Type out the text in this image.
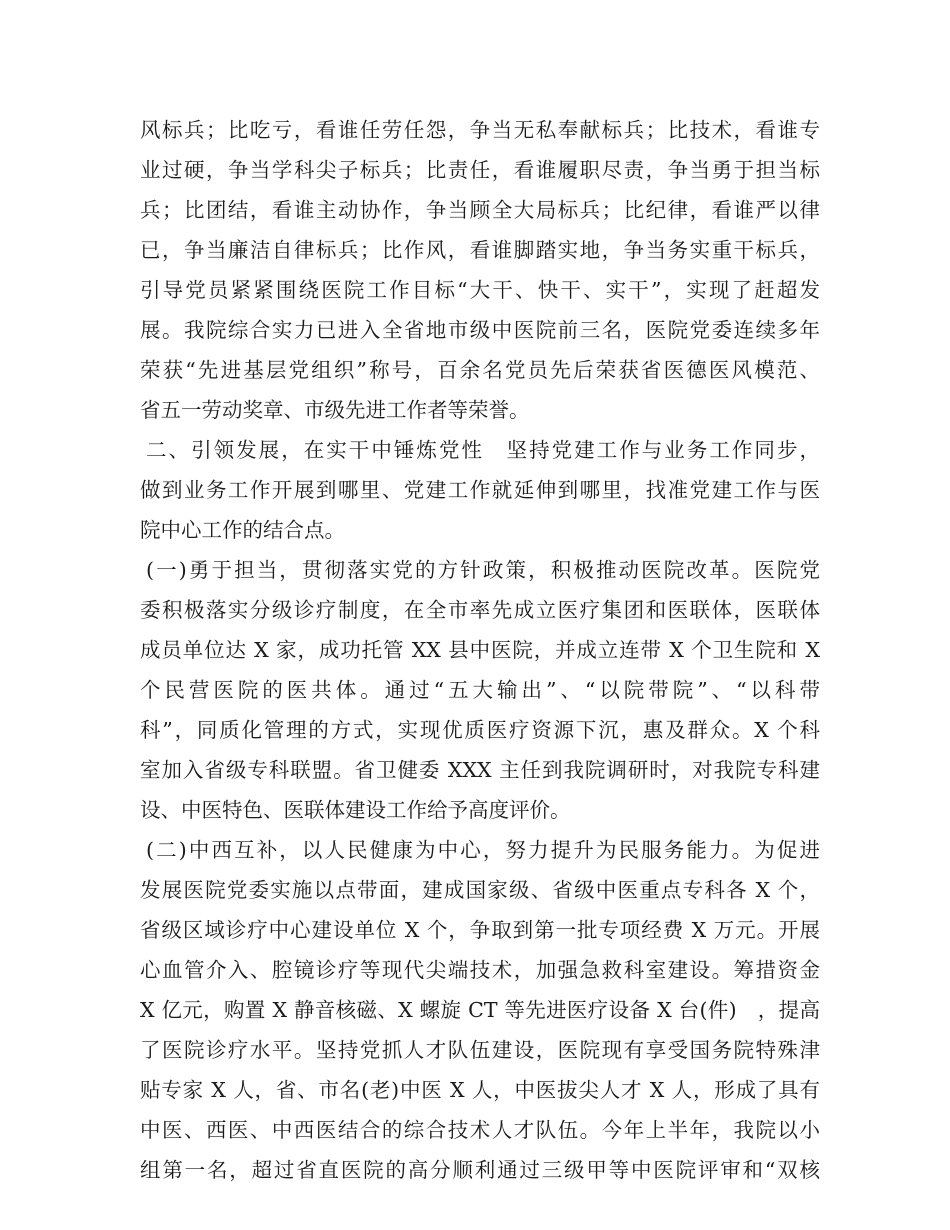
风标兵；比吃亏，看谁任劳任怨，争当无私奉献标兵；比技术，看谁专
业过硬，争当学科尖子标兵；比责任，看谁履职尽责，争当勇于担当标
兵；比团结，看谁主动协作，争当顾全大局标兵；比纪律，看谁严以律
已，争当廉洁自律标兵；比作风，看谁脚踏实地，争当务实重干标兵，
引导党员紧紧围绕医院工作目标“大干、快干、实干”，实现了赶超发
展。我院综合实力已进入全省地市级中医院前三名，医院党委连续多年
荣获“先进基层党组织”称号，百余名党员先后荣获省医德医风模范、
省五一劳动奖章、市级先进工作者等荣誉。
二、引领发展，在实干中锤炼党性　坚持党建工作与业务工作同步，
做到业务工作开展到哪里、党建工作就延伸到哪里，找准党建工作与医
院中心工作的结合点。
(一)勇于担当，贯彻落实党的方针政策，积极推动医院改革。医院党
委积极落实分级诊疗制度，在全市率先成立医疗集团和医联体，医联体
成员单位达 X 家，成功托管 XX 县中医院，并成立连带 X 个卫生院和 X
个民营医院的医共体。通过“五大输出”、“以院带院”、“以科带
科”，同质化管理的方式，实现优质医疗资源下沉，惠及群众。X 个科
室加入省级专科联盟。省卫健委 XXX 主任到我院调研时，对我院专科建
设、中医特色、医联体建设工作给予高度评价。
(二)中西互补，以人民健康为中心，努力提升为民服务能力。为促进
发展医院党委实施以点带面，建成国家级、省级中医重点专科各 X 个，
省级区域诊疗中心建设单位 X 个，争取到第一批专项经费 X 万元。开展
心血管介入、腔镜诊疗等现代尖端技术，加强急救科室建设。筹措资金
X 亿元，购置 X 静音核磁、X 螺旋 CT 等先进医疗设备 X 台(件)　，提高
了医院诊疗水平。坚持党抓人才队伍建设，医院现有享受国务院特殊津
贴专家 X 人，省、市名(老)中医 X 人，中医拔尖人才 X 人，形成了具有
中医、西医、中西医结合的综合技术人才队伍。今年上半年，我院以小
组第一名，超过省直医院的高分顺利通过三级甲等中医院评审和“双核
